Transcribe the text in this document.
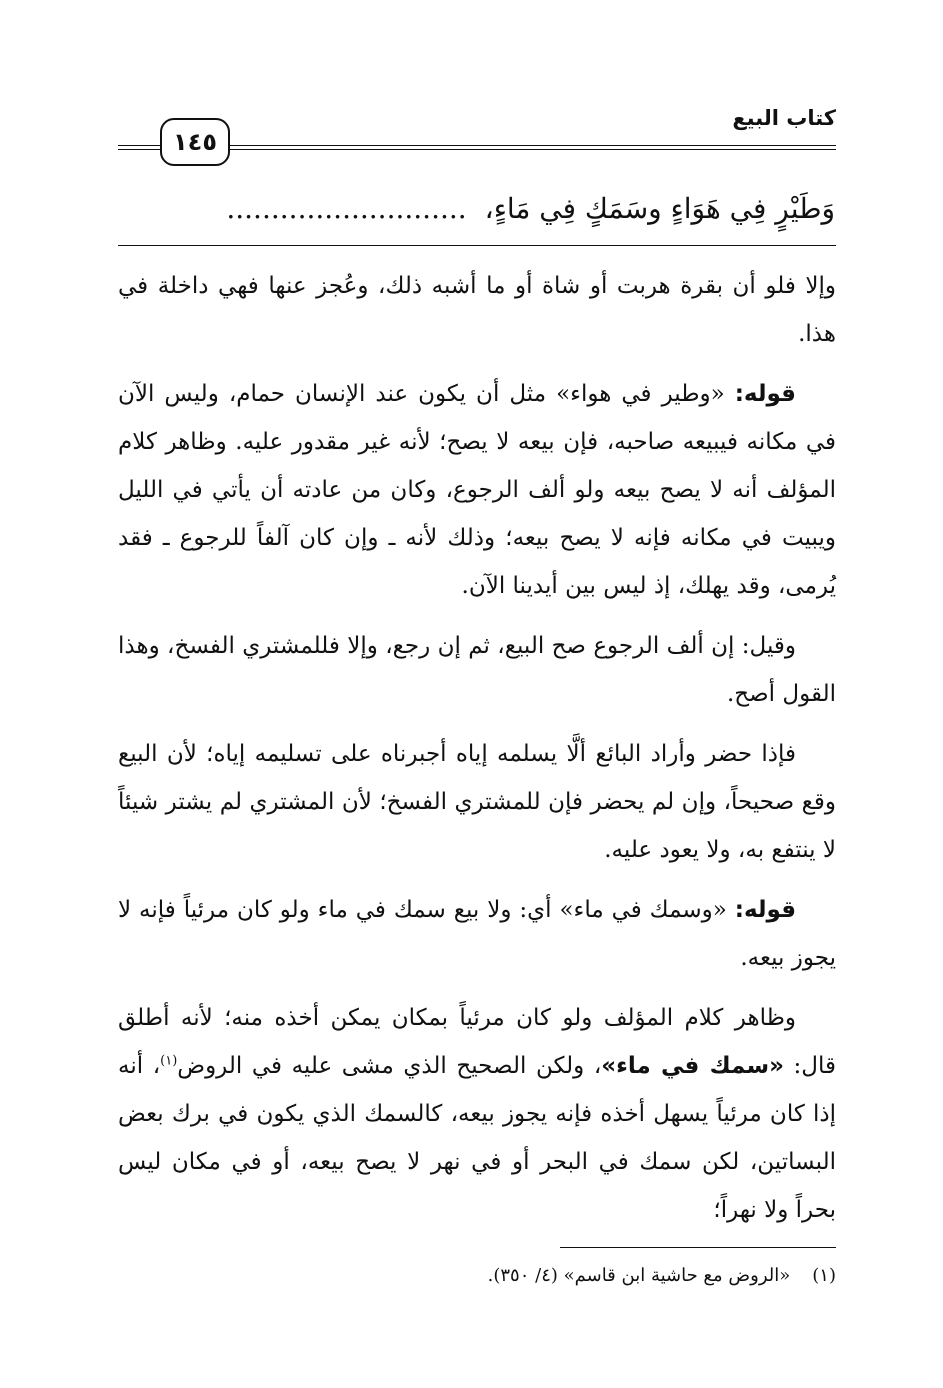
١٤٥
كتاب البيع
وَطَيْرٍ فِي هَوَاءٍ وسَمَكٍ فِي مَاءٍ،...........................

وإلا فلو أن بقرة هربت أو شاة أو ما أشبه ذلك، وعُجز عنها فهي داخلة في هذا.

قوله: «وطير في هواء» مثل أن يكون عند الإنسان حمام، وليس الآن في مكانه فيبيعه صاحبه، فإن بيعه لا يصح؛ لأنه غير مقدور عليه. وظاهر كلام المؤلف أنه لا يصح بيعه ولو ألف الرجوع، وكان من عادته أن يأتي في الليل ويبيت في مكانه فإنه لا يصح بيعه؛ وذلك لأنه ـ وإن كان آلفاً للرجوع ـ فقد يُرمى، وقد يهلك، إذ ليس بين أيدينا الآن.

وقيل: إن ألف الرجوع صح البيع، ثم إن رجع، وإلا فللمشتري الفسخ، وهذا القول أصح.

فإذا حضر وأراد البائع ألَّا يسلمه إياه أجبرناه على تسليمه إياه؛ لأن البيع وقع صحيحاً، وإن لم يحضر فإن للمشتري الفسخ؛ لأن المشتري لم يشتر شيئاً لا ينتفع به، ولا يعود عليه.

قوله: «وسمك في ماء» أي: ولا بيع سمك في ماء ولو كان مرئياً فإنه لا يجوز بيعه.

وظاهر كلام المؤلف ولو كان مرئياً بمكان يمكن أخذه منه؛ لأنه أطلق قال: «سمك في ماء»، ولكن الصحيح الذي مشى عليه في الروض$^{(١)}$، أنه إذا كان مرئياً يسهل أخذه فإنه يجوز بيعه، كالسمك الذي يكون في برك بعض البساتين، لكن سمك في البحر أو في نهر لا يصح بيعه، أو في مكان ليس بحراً ولا نهراً؛

(١)«الروض مع حاشية ابن قاسم» (٤/ ٣٥٠).
